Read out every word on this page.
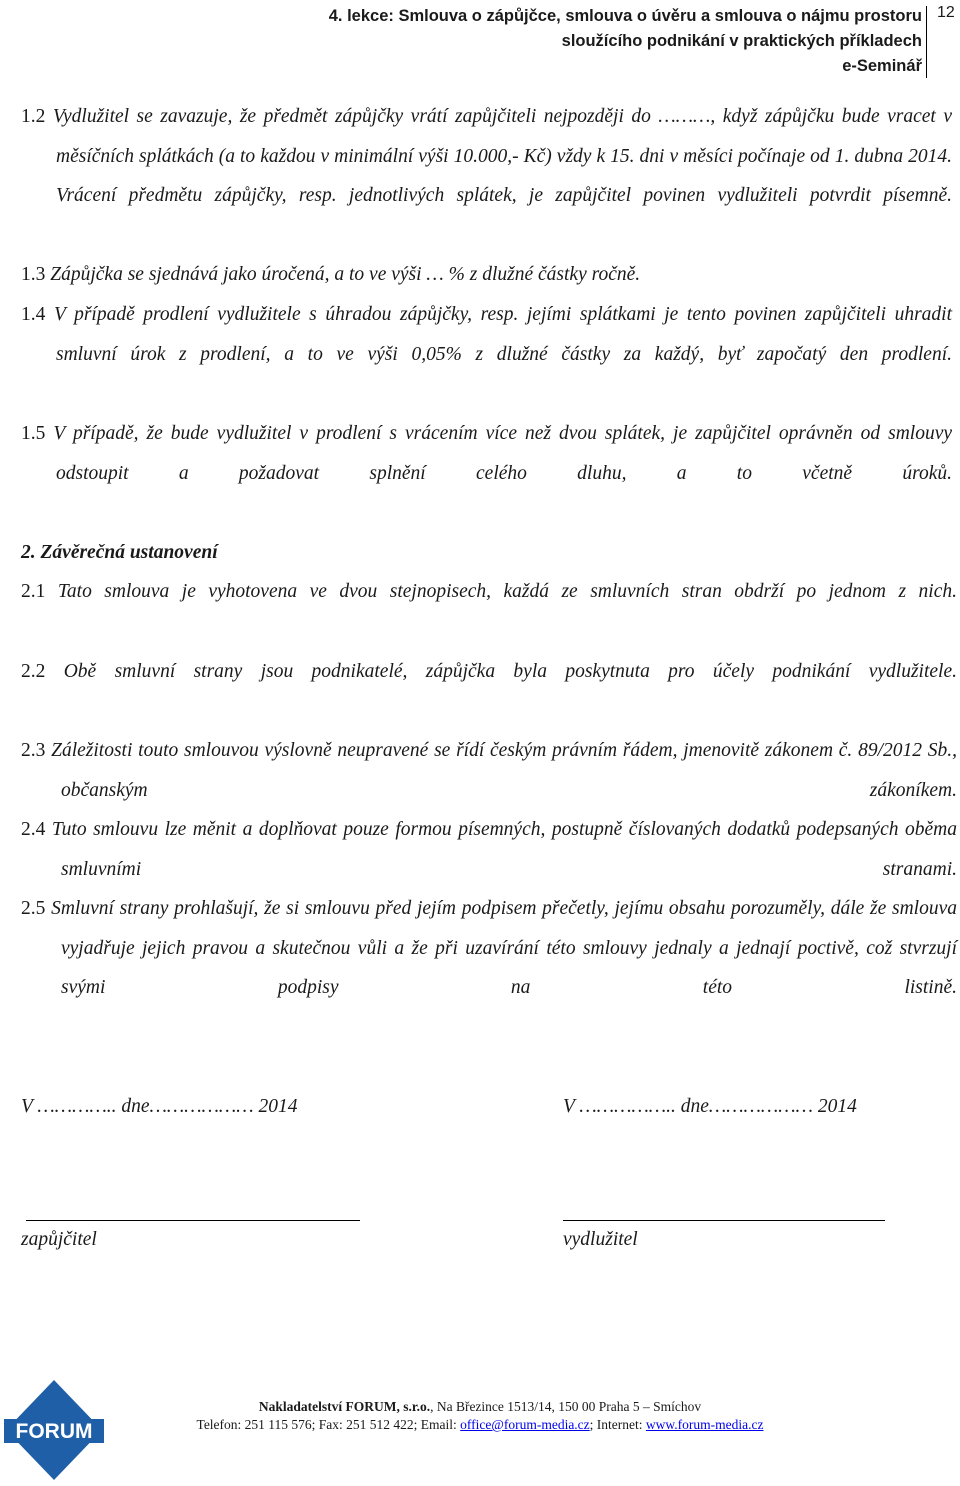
4. lekce: Smlouva o zápůjčce, smlouva o úvěru a smlouva o nájmu prostoru
sloužícího podnikání v praktických příkladech
e-Seminář
12
1.2 Vydlužitel se zavazuje, že předmět zápůjčky vrátí zapůjčiteli nejpozději do ………, když zápůjčku bude vracet v měsíčních splátkách (a to každou v minimální výši 10.000,- Kč) vždy k 15. dni v měsíci počínaje od 1. dubna 2014. Vrácení předmětu zápůjčky, resp. jednotlivých splátek, je zapůjčitel povinen vydlužiteli potvrdit písemně.
1.3 Zápůjčka se sjednává jako úročená, a to ve výši … % z dlužné částky ročně.
1.4 V případě prodlení vydlužitele s úhradou zápůjčky, resp. jejími splátkami je tento povinen zapůjčiteli uhradit smluvní úrok z prodlení, a to ve výši 0,05% z dlužné částky za každý, byť započatý den prodlení.
1.5 V případě, že bude vydlužitel v prodlení s vrácením více než dvou splátek, je zapůjčitel oprávněn od smlouvy odstoupit a požadovat splnění celého dluhu, a to včetně úroků.
2. Závěrečná ustanovení
2.1 Tato smlouva je vyhotovena ve dvou stejnopisech, každá ze smluvních stran obdrží po jednom z nich.
2.2 Obě smluvní strany jsou podnikatelé, zápůjčka byla poskytnuta pro účely podnikání vydlužitele.
2.3 Záležitosti touto smlouvou výslovně neupravené se řídí českým právním řádem, jmenovitě zákonem č. 89/2012 Sb., občanským zákoníkem.
2.4 Tuto smlouvu lze měnit a doplňovat pouze formou písemných, postupně číslovaných dodatků podepsaných oběma smluvními stranami.
2.5 Smluvní strany prohlašují, že si smlouvu před jejím podpisem přečetly, jejímu obsahu porozuměly, dále že smlouva vyjadřuje jejich pravou a skutečnou vůli a že při uzavírání této smlouvy jednaly a jednají poctivě, což stvrzují svými podpisy na této listině.
V ………….. dne……………… 2014	V …………….. dne……………… 2014
zapůjčitel	vydlužitel
FORUM
Nakladatelství FORUM, s.r.o., Na Březince 1513/14, 150 00 Praha 5 – Smíchov
Telefon: 251 115 576; Fax: 251 512 422; Email: office@forum-media.cz; Internet: www.forum-media.cz
